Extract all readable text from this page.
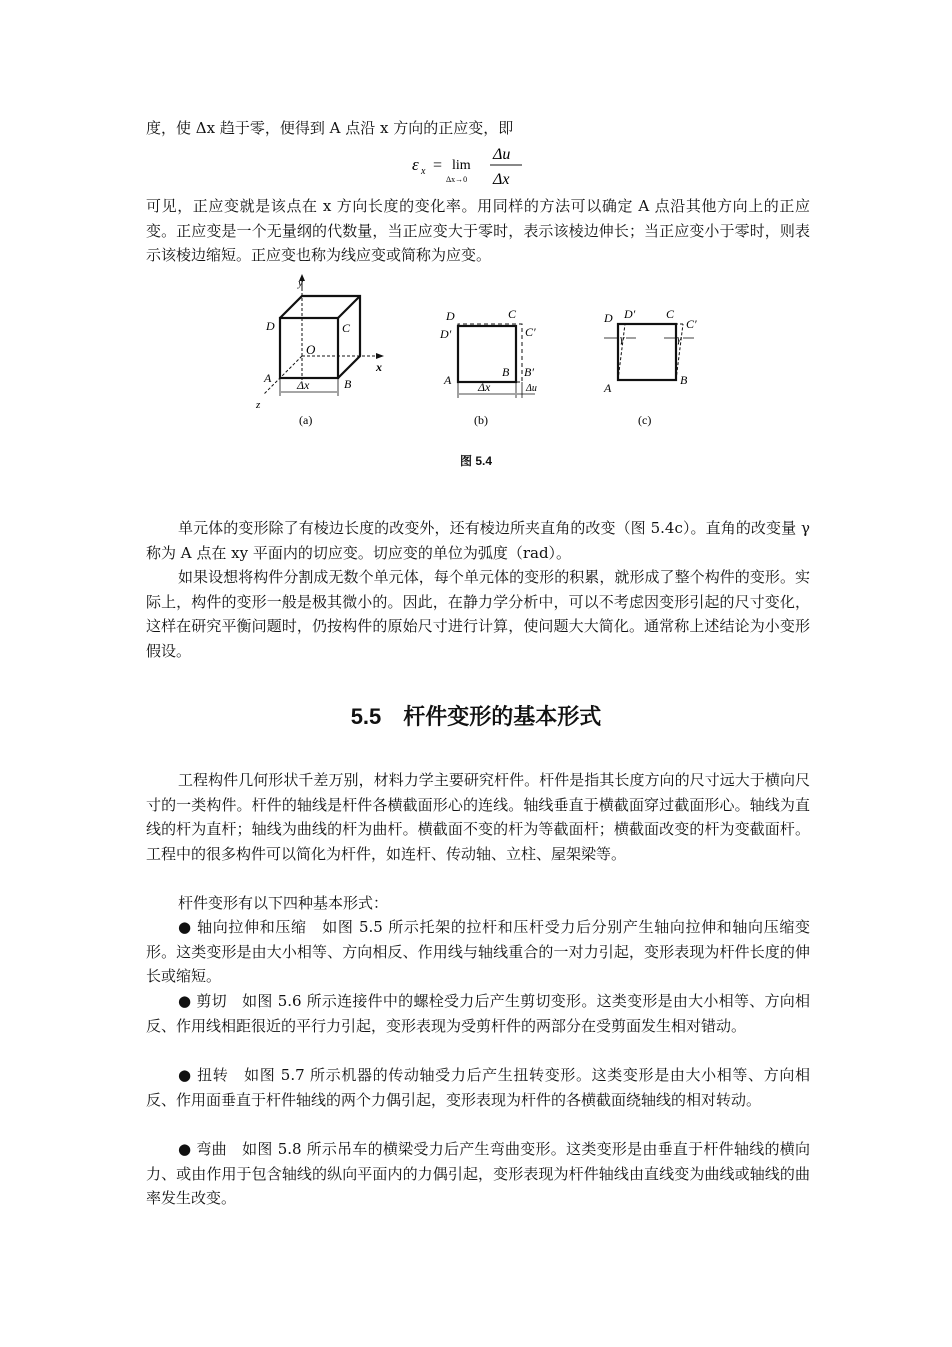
度，使 Δx 趋于零，便得到 A 点沿 x 方向的正应变，即

ε x = lim
Δx→0
Δu
Δx

可见，正应变就是该点在 x 方向长度的变化率。用同样的方法可以确定 A 点沿其他方向上的正应变。正应变是一个无量纲的代数量，当正应变大于零时，表示该棱边伸长；当正应变小于零时，则表示该棱边缩短。正应变也称为线应变或简称为应变。

y
x
z
D	C
O
A	B
Δx
(a)
D	C
D′	C′
A
B B′
Δx	Δu
(b)
D D′	C
C′
γ	γ
A
B
(c)
图 5.4

单元体的变形除了有棱边长度的改变外，还有棱边所夹直角的改变（图 5.4c）。直角的改变量 γ 称为 A 点在 xy 平面内的切应变。切应变的单位为弧度（rad）。

如果设想将构件分割成无数个单元体，每个单元体的变形的积累，就形成了整个构件的变形。实际上，构件的变形一般是极其微小的。因此，在静力学分析中，可以不考虑因变形引起的尺寸变化，这样在研究平衡问题时，仍按构件的原始尺寸进行计算，使问题大大简化。通常称上述结论为小变形假设。

5.5 杆件变形的基本形式

工程构件几何形状千差万别，材料力学主要研究杆件。杆件是指其长度方向的尺寸远大于横向尺寸的一类构件。杆件的轴线是杆件各横截面形心的连线。轴线垂直于横截面穿过截面形心。轴线为直线的杆为直杆；轴线为曲线的杆为曲杆。横截面不变的杆为等截面杆；横截面改变的杆为变截面杆。工程中的很多构件可以简化为杆件，如连杆、传动轴、立柱、屋架梁等。

杆件变形有以下四种基本形式：

● 轴向拉伸和压缩　如图 5.5 所示托架的拉杆和压杆受力后分别产生轴向拉伸和轴向压缩变形。这类变形是由大小相等、方向相反、作用线与轴线重合的一对力引起，变形表现为杆件长度的伸长或缩短。

● 剪切　如图 5.6 所示连接件中的螺栓受力后产生剪切变形。这类变形是由大小相等、方向相反、作用线相距很近的平行力引起，变形表现为受剪杆件的两部分在受剪面发生相对错动。

● 扭转　如图 5.7 所示机器的传动轴受力后产生扭转变形。这类变形是由大小相等、方向相反、作用面垂直于杆件轴线的两个力偶引起，变形表现为杆件的各横截面绕轴线的相对转动。

● 弯曲　如图 5.8 所示吊车的横梁受力后产生弯曲变形。这类变形是由垂直于杆件轴线的横向力、或由作用于包含轴线的纵向平面内的力偶引起，变形表现为杆件轴线由直线变为曲线或轴线的曲率发生改变。
